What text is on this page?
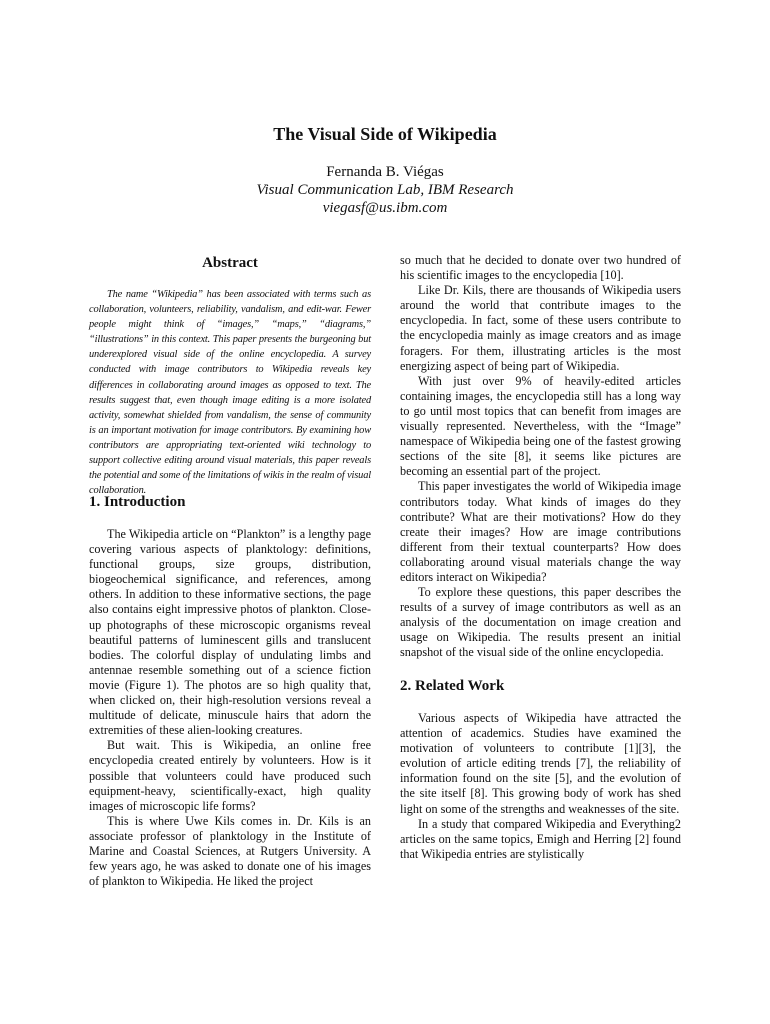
The Visual Side of Wikipedia
Fernanda B. Viégas
Visual Communication Lab, IBM Research
viegasf@us.ibm.com
Abstract
The name “Wikipedia” has been associated with terms such as collaboration, volunteers, reliability, vandalism, and edit-war. Fewer people might think of “images,” “maps,” “diagrams,” “illustrations” in this context. This paper presents the burgeoning but underexplored visual side of the online encyclopedia. A survey conducted with image contributors to Wikipedia reveals key differences in collaborating around images as opposed to text. The results suggest that, even though image editing is a more isolated activity, somewhat shielded from vandalism, the sense of community is an important motivation for image contributors. By examining how contributors are appropriating text-oriented wiki technology to support collective editing around visual materials, this paper reveals the potential and some of the limitations of wikis in the realm of visual collaboration.
1. Introduction

The Wikipedia article on “Plankton” is a lengthy page covering various aspects of planktology: definitions, functional groups, size groups, distribution, biogeochemical significance, and references, among others. In addition to these informative sections, the page also contains eight impressive photos of plankton. Close-up photographs of these microscopic organisms reveal beautiful patterns of luminescent gills and translucent bodies. The colorful display of undulating limbs and antennae resemble something out of a science fiction movie (Figure 1). The photos are so high quality that, when clicked on, their high-resolution versions reveal a multitude of delicate, minuscule hairs that adorn the extremities of these alien-looking creatures.

But wait. This is Wikipedia, an online free encyclopedia created entirely by volunteers. How is it possible that volunteers could have produced such equipment-heavy, scientifically-exact, high quality images of microscopic life forms?

This is where Uwe Kils comes in. Dr. Kils is an associate professor of planktology in the Institute of Marine and Coastal Sciences, at Rutgers University. A few years ago, he was asked to donate one of his images of plankton to Wikipedia. He liked the project

so much that he decided to donate over two hundred of his scientific images to the encyclopedia [10].

Like Dr. Kils, there are thousands of Wikipedia users around the world that contribute images to the encyclopedia. In fact, some of these users contribute to the encyclopedia mainly as image creators and as image foragers. For them, illustrating articles is the most energizing aspect of being part of Wikipedia.

With just over 9% of heavily-edited articles containing images, the encyclopedia still has a long way to go until most topics that can benefit from images are visually represented. Nevertheless, with the “Image” namespace of Wikipedia being one of the fastest growing sections of the site [8], it seems like pictures are becoming an essential part of the project.

This paper investigates the world of Wikipedia image contributors today. What kinds of images do they contribute? What are their motivations? How do they create their images? How are image contributions different from their textual counterparts? How does collaborating around visual materials change the way editors interact on Wikipedia?

To explore these questions, this paper describes the results of a survey of image contributors as well as an analysis of the documentation on image creation and usage on Wikipedia. The results present an initial snapshot of the visual side of the online encyclopedia.

2. Related Work

Various aspects of Wikipedia have attracted the attention of academics. Studies have examined the motivation of volunteers to contribute [1][3], the evolution of article editing trends [7], the reliability of information found on the site [5], and the evolution of the site itself [8]. This growing body of work has shed light on some of the strengths and weaknesses of the site.

In a study that compared Wikipedia and Everything2 articles on the same topics, Emigh and Herring [2] found that Wikipedia entries are stylistically
